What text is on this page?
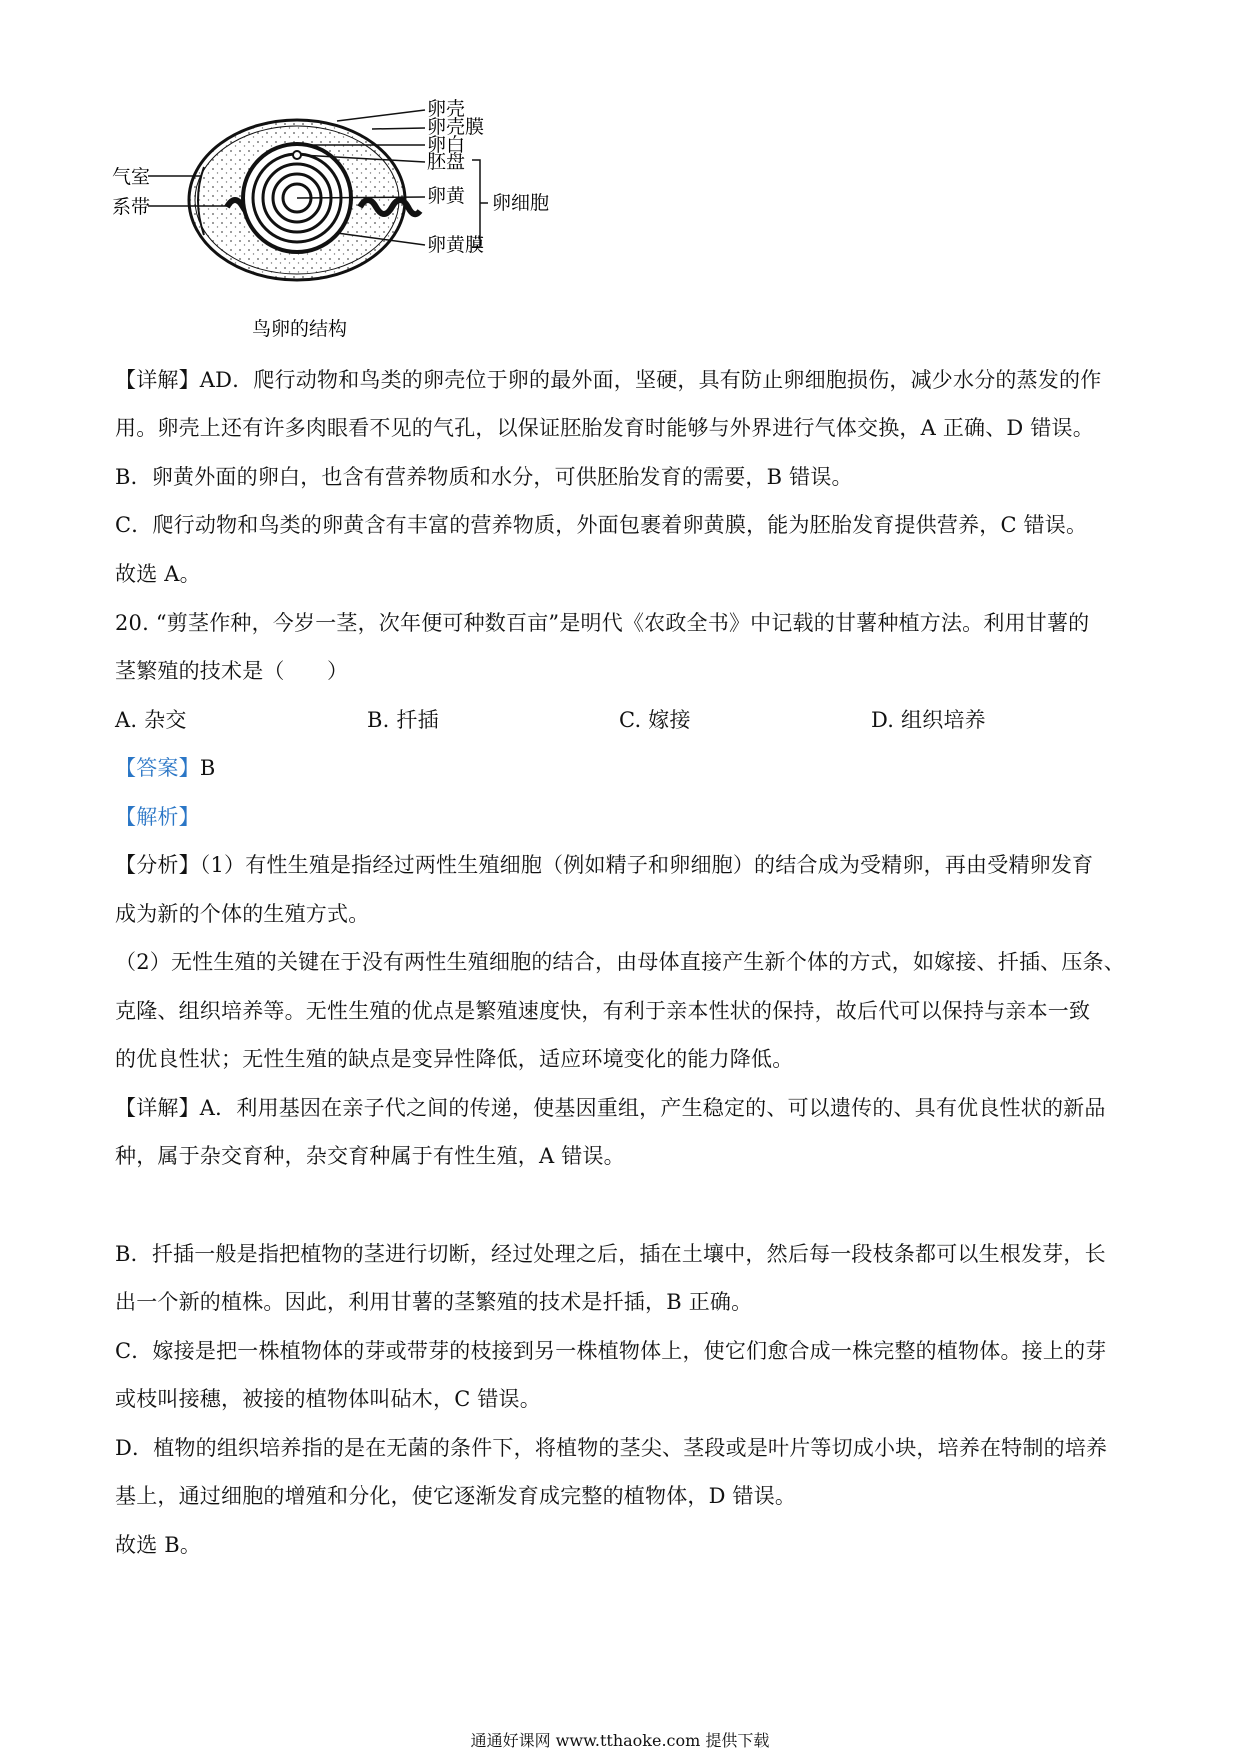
卵壳
卵壳膜
卵白
胚盘
卵黄
卵黄膜
卵细胞
气室
系带
鸟卵的结构
【详解】AD．爬行动物和鸟类的卵壳位于卵的最外面，坚硬，具有防止卵细胞损伤，减少水分的蒸发的作
用。卵壳上还有许多肉眼看不见的气孔，以保证胚胎发育时能够与外界进行气体交换，A 正确、D 错误。
B．卵黄外面的卵白，也含有营养物质和水分，可供胚胎发育的需要，B 错误。
C．爬行动物和鸟类的卵黄含有丰富的营养物质，外面包裹着卵黄膜，能为胚胎发育提供营养，C 错误。
故选 A。
20. “剪茎作种，今岁一茎，次年便可种数百亩”是明代《农政全书》中记载的甘薯种植方法。利用甘薯的
茎繁殖的技术是（　　）
A. 杂交	B. 扦插	C. 嫁接	D. 组织培养
【答案】B
【解析】
【分析】（1）有性生殖是指经过两性生殖细胞（例如精子和卵细胞）的结合成为受精卵，再由受精卵发育
成为新的个体的生殖方式。
（2）无性生殖的关键在于没有两性生殖细胞的结合，由母体直接产生新个体的方式，如嫁接、扦插、压条、
克隆、组织培养等。无性生殖的优点是繁殖速度快，有利于亲本性状的保持，故后代可以保持与亲本一致
的优良性状；无性生殖的缺点是变异性降低，适应环境变化的能力降低。
【详解】A．利用基因在亲子代之间的传递，使基因重组，产生稳定的、可以遗传的、具有优良性状的新品
种，属于杂交育种，杂交育种属于有性生殖，A 错误。
B．扦插一般是指把植物的茎进行切断，经过处理之后，插在土壤中，然后每一段枝条都可以生根发芽，长
出一个新的植株。因此，利用甘薯的茎繁殖的技术是扦插，B 正确。
C．嫁接是把一株植物体的芽或带芽的枝接到另一株植物体上，使它们愈合成一株完整的植物体。接上的芽
或枝叫接穗，被接的植物体叫砧木，C 错误。
D．植物的组织培养指的是在无菌的条件下，将植物的茎尖、茎段或是叶片等切成小块，培养在特制的培养
基上，通过细胞的增殖和分化，使它逐渐发育成完整的植物体，D 错误。
故选 B。
通通好课网 www.tthaoke.com 提供下载
